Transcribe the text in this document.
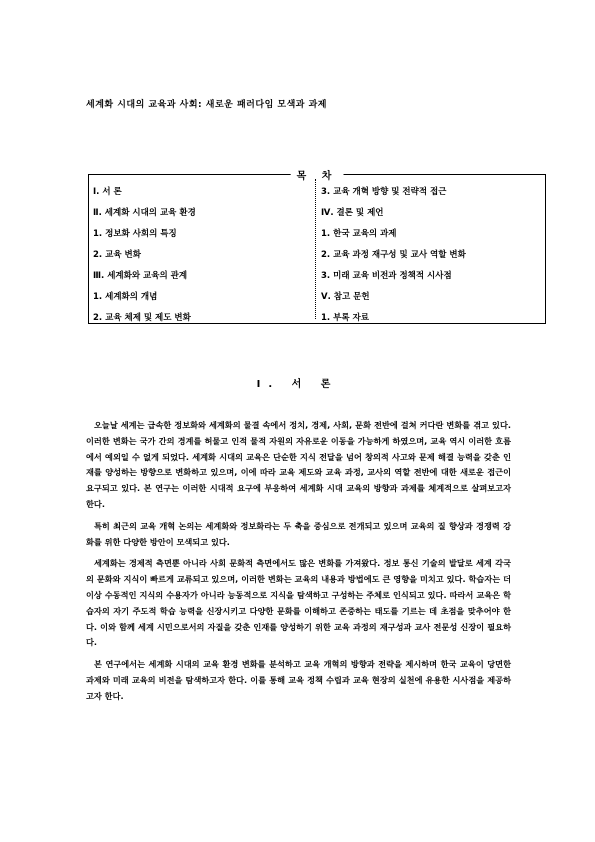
세계화 시대의 교육과 사회: 새로운 패러다임 모색과 과제
목 차
Ⅰ. 서 론
Ⅱ. 세계화 시대의 교육 환경
1. 정보화 사회의 특징
2. 교육 변화
Ⅲ. 세계화와 교육의 관계
1. 세계화의 개념
2. 교육 체제 및 제도 변화
3. 교육 개혁 방향 및 전략적 접근
Ⅳ. 결론 및 제언
1. 한국 교육의 과제
2. 교육 과정 재구성 및 교사 역할 변화
3. 미래 교육 비전과 정책적 시사점
Ⅴ. 참고 문헌
1. 부록 자료
Ⅰ. 서 론

오늘날 세계는 급속한 정보화와 세계화의 물결 속에서 정치, 경제, 사회, 문화 전반에 걸쳐 커다란 변화를 겪고 있다. 이러한 변화는 국가 간의 경계를 허물고 인적 물적 자원의 자유로운 이동을 가능하게 하였으며, 교육 역시 이러한 흐름에서 예외일 수 없게 되었다. 세계화 시대의 교육은 단순한 지식 전달을 넘어 창의적 사고와 문제 해결 능력을 갖춘 인재를 양성하는 방향으로 변화하고 있으며, 이에 따라 교육 제도와 교육 과정, 교사의 역할 전반에 대한 새로운 접근이 요구되고 있다. 본 연구는 이러한 시대적 요구에 부응하여 세계화 시대 교육의 방향과 과제를 체계적으로 살펴보고자 한다.

특히 최근의 교육 개혁 논의는 세계화와 정보화라는 두 축을 중심으로 전개되고 있으며 교육의 질 향상과 경쟁력 강화를 위한 다양한 방안이 모색되고 있다.

세계화는 경제적 측면뿐 아니라 사회 문화적 측면에서도 많은 변화를 가져왔다. 정보 통신 기술의 발달로 세계 각국의 문화와 지식이 빠르게 교류되고 있으며, 이러한 변화는 교육의 내용과 방법에도 큰 영향을 미치고 있다. 학습자는 더 이상 수동적인 지식의 수용자가 아니라 능동적으로 지식을 탐색하고 구성하는 주체로 인식되고 있다. 따라서 교육은 학습자의 자기 주도적 학습 능력을 신장시키고 다양한 문화를 이해하고 존중하는 태도를 기르는 데 초점을 맞추어야 한다. 이와 함께 세계 시민으로서의 자질을 갖춘 인재를 양성하기 위한 교육 과정의 재구성과 교사 전문성 신장이 필요하다.

본 연구에서는 세계화 시대의 교육 환경 변화를 분석하고 교육 개혁의 방향과 전략을 제시하며 한국 교육이 당면한 과제와 미래 교육의 비전을 탐색하고자 한다. 이를 통해 교육 정책 수립과 교육 현장의 실천에 유용한 시사점을 제공하고자 한다.
